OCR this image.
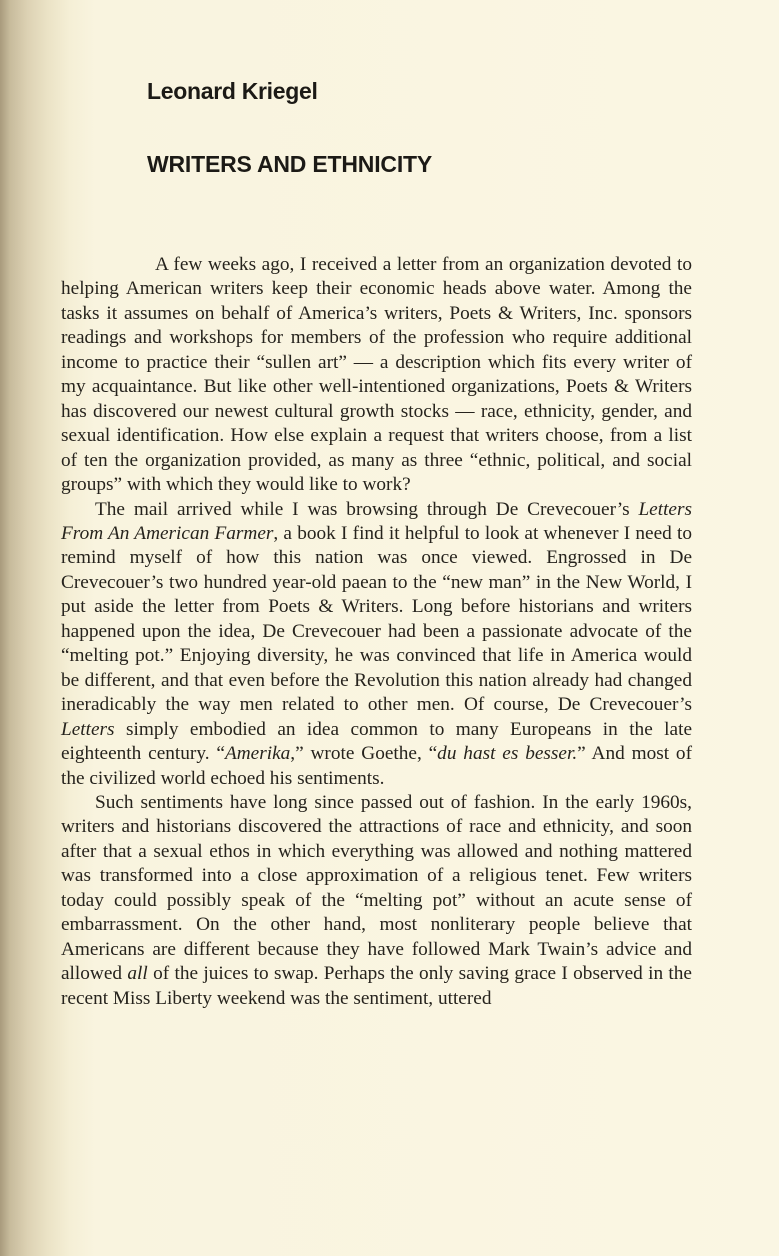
Leonard Kriegel
WRITERS AND ETHNICITY

A few weeks ago, I received a letter from an organization devoted to helping American writers keep their economic heads above water. Among the tasks it assumes on behalf of America’s writers, Poets & Writers, Inc. sponsors readings and workshops for members of the profession who require additional income to practice their “sullen art” — a description which fits every writer of my acquaintance. But like other well-intentioned organizations, Poets & Writers has discovered our newest cultural growth stocks — race, ethnicity, gender, and sexual identification. How else explain a request that writers choose, from a list of ten the organization provided, as many as three “ethnic, political, and social groups” with which they would like to work?

The mail arrived while I was browsing through De Crevecouer’s Letters From An American Farmer, a book I find it helpful to look at whenever I need to remind myself of how this nation was once viewed. Engrossed in De Crevecouer’s two hundred year-old paean to the “new man” in the New World, I put aside the letter from Poets & Writers. Long before historians and writers happened upon the idea, De Crevecouer had been a passionate advocate of the “melting pot.” Enjoying diversity, he was convinced that life in America would be different, and that even before the Revolution this nation already had changed ineradicably the way men related to other men. Of course, De Crevecouer’s Letters simply embodied an idea common to many Europeans in the late eighteenth century. “Amerika,” wrote Goethe, “du hast es besser.” And most of the civilized world echoed his sentiments.

Such sentiments have long since passed out of fashion. In the early 1960s, writers and historians discovered the attractions of race and ethnicity, and soon after that a sexual ethos in which everything was allowed and nothing mattered was transformed into a close approximation of a religious tenet. Few writers today could possibly speak of the “melting pot” without an acute sense of embarrassment. On the other hand, most nonliterary people believe that Americans are different because they have followed Mark Twain’s advice and allowed all of the juices to swap. Perhaps the only saving grace I observed in the recent Miss Liberty weekend was the sentiment, uttered
